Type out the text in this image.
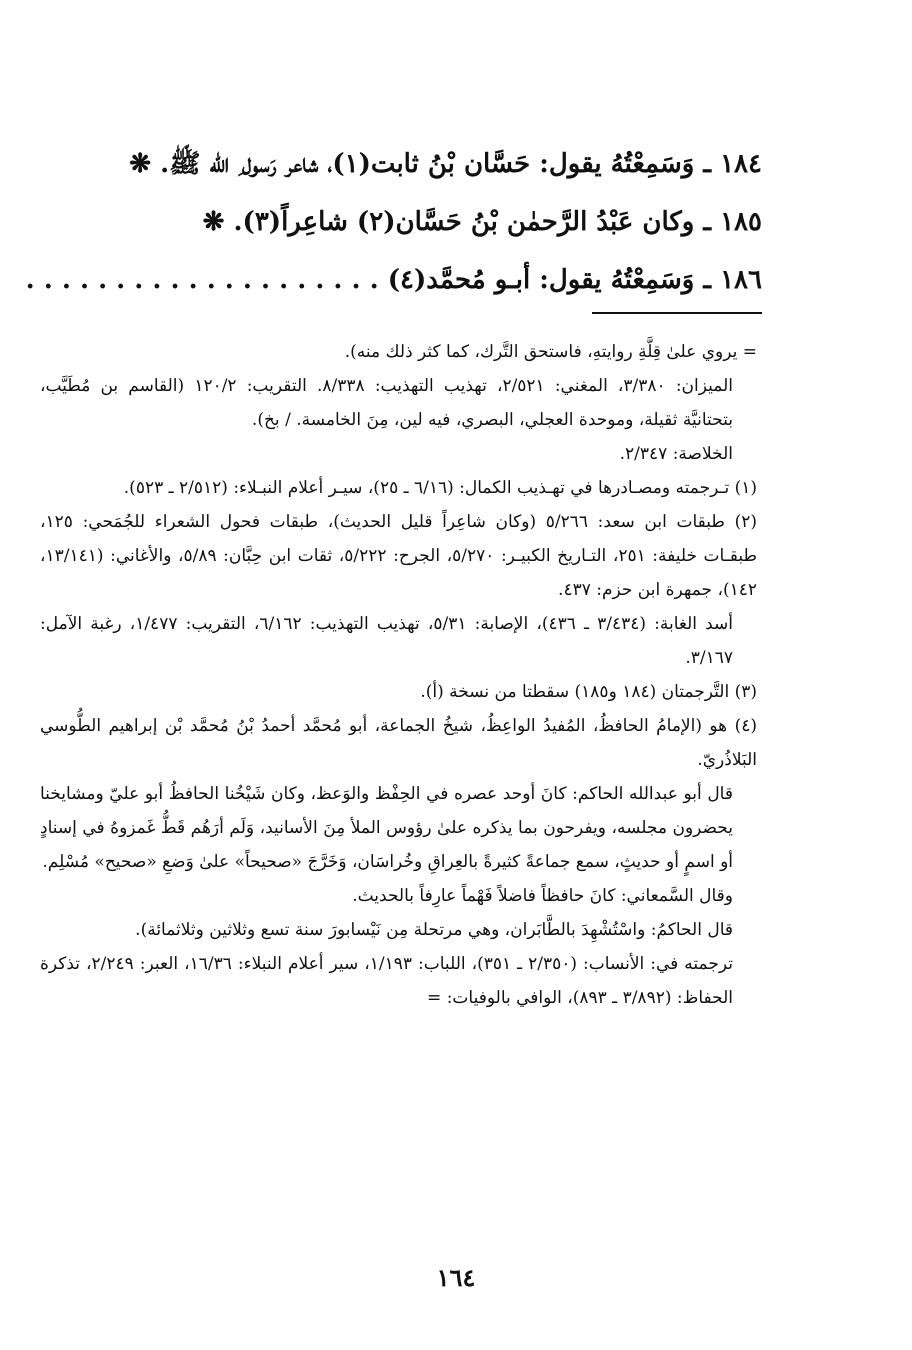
١٨٤ ـ وَسَمِعْتُهُ يقول: حَسَّان بْنُ ثابت(١)، شاعر رَسول ِ الله ﷺ. ❋
١٨٥ ـ وكان عَبْدُ الرَّحمٰن بْنُ حَسَّان(٢) شاعِراً(٣). ❋
١٨٦ ـ وَسَمِعْتُهُ يقول: أبـو مُحمَّد(٤) . . . . . . . . . . . . . . . . . . . .

= يروي علىٰ قِلَّةِ روايتهِ، فاستحق التَّرك، كما كثر ذلك منه).

الميزان: ٣/٣٨٠، المغني: ٢/٥٢١، تهذيب التهذيب: ٨/٣٣٨. التقريب: ١٢٠/٢ (القاسم بن مُطَيَّب، بتحتانيَّة ثقيلة، وموحدة العجلي، البصري، فيه لين، مِنَ الخامسة. / بخ).

الخلاصة: ٢/٣٤٧.

(١) تـرجمته ومصـادرها في تهـذيب الكمال: (٦/١٦ ـ ٢٥)، سيـر أعلام النبـلاء: (٢/٥١٢ ـ ٥٢٣).

(٢) طبقات ابن سعد: ٥/٢٦٦ (وكان شاعِراً قليل الحديث)، طبقات فحول الشعراء للجُمَحي: ١٢٥، طبقـات خليفة: ٢٥١، التـاريخ الكبيـر: ٥/٢٧٠، الجرح: ٥/٢٢٢، ثقات ابن حِبَّان: ٥/٨٩، والأغاني: (١٣/١٤١، ١٤٢)، جمهرة ابن حزم: ٤٣٧.

أسد الغابة: (٣/٤٣٤ ـ ٤٣٦)، الإصابة: ٥/٣١، تهذيب التهذيب: ٦/١٦٢، التقريب: ١/٤٧٧، رغبة الآمل: ٣/١٦٧.

(٣) التَّرجمتان (١٨٤ و١٨٥) سقطتا من نسخة (أ).

(٤) هو (الإمامُ الحافظُ، المُفيدُ الواعِظُ، شيخُ الجماعة، أبو مُحمَّد أحمدُ بْنُ مُحمَّد بْن إبراهيم الطُّوسي البَلاذُريّ.

قال أبو عبدالله الحاكم: كانَ أوحد عصره في الحِفْظ والوَعظ، وكان شَيْخُنا الحافظُ أبو عليّ ومشايخنا يحضرون مجلسه، ويفرحون بما يذكره علىٰ رؤوس الملأ مِنَ الأسانيد، وَلَم أرَهُم قَطُّ غَمزوهُ في إسنادٍ أو اسمٍ أو حديثٍ، سمع جماعةً كثيرةً بالعِراقِ وخُراسَان، وَخَرَّجَ «صحيحاً» علىٰ وَضعِ «صحيح» مُسْلِم.

وقال السَّمعاني: كانَ حافظاً فاضلاً فَهْماً عارِفاً بالحديث.

قال الحاكمُ: واسْتُشْهِدَ بالطَّابَران، وهي مرتحلة مِن نَيْسابورَ سنة تسع وثلاثين وثلاثمائة).

ترجمته في: الأنساب: (٢/٣٥٠ ـ ٣٥١)، اللباب: ١/١٩٣، سير أعلام النبلاء: ١٦/٣٦، العبر: ٢/٢٤٩، تذكرة الحفاظ: (٣/٨٩٢ ـ ٨٩٣)، الوافي بالوفيات: =

١٦٤
